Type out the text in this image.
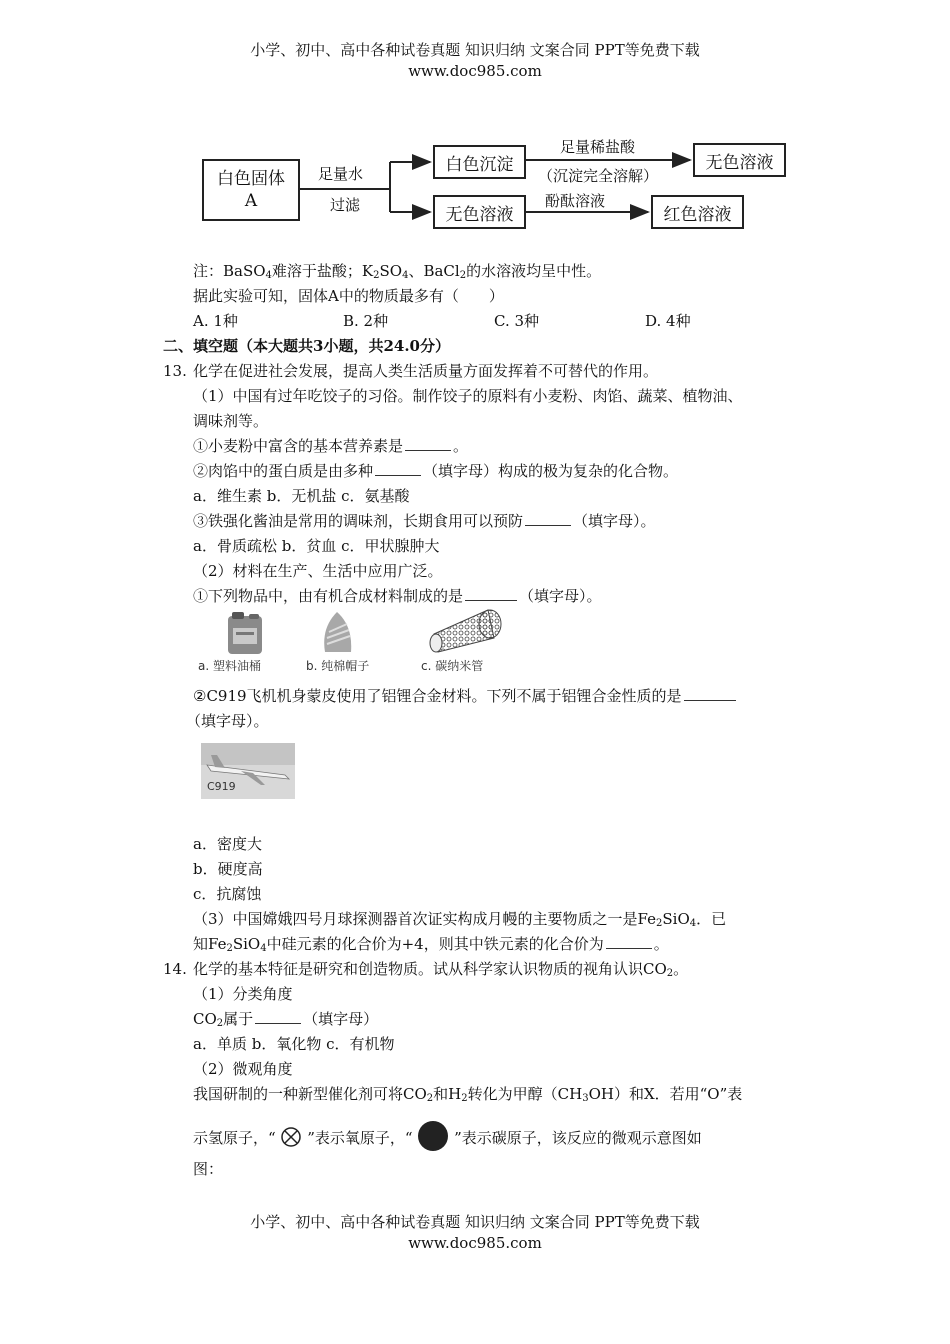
小学、初中、高中各种试卷真题 知识归纳 文案合同 PPT等免费下载
www.doc985.com
白色固体
A
足量水
过滤
白色沉淀
无色溶液
足量稀盐酸
（沉淀完全溶解）
酚酞溶液
无色溶液
红色溶液
注：BaSO$_4$难溶于盐酸；$K_2SO_4$、BaCl$_2$的水溶液均呈中性。
据此实验可知，固体A中的物质最多有（　　）
A. 1种	B. 2种	C. 3种	D. 4种
二、填空题（本大题共3小题，共24.0分）
13. 化学在促进社会发展，提高人类生活质量方面发挥着不可替代的作用。
（1）中国有过年吃饺子的习俗。制作饺子的原料有小麦粉、肉馅、蔬菜、植物油、
调味剂等。
①小麦粉中富含的基本营养素是	。
②肉馅中的蛋白质是由多种	（填字母）构成的极为复杂的化合物。
a．维生素 b．无机盐 c．氨基酸
③铁强化酱油是常用的调味剂，长期食用可以预防	（填字母）。
a．骨质疏松 b．贫血 c．甲状腺肿大
（2）材料在生产、生活中应用广泛。
①下列物品中，由有机合成材料制成的是	（填字母）。
a. 塑料油桶	b. 纯棉帽子	c. 碳纳米管
②C919飞机机身蒙皮使用了铝锂合金材料。下列不属于铝锂合金性质的是
（填字母）。
C919
a．密度大
b．硬度高
c．抗腐蚀
（3）中国嫦娥四号月球探测器首次证实构成月幔的主要物质之一是$Fe_2SiO_4$．已
知$Fe_2SiO_4$中硅元素的化合价为+4，则其中铁元素的化合价为	。
14. 化学的基本特征是研究和创造物质。试从科学家认识物质的视角认识$CO_2$。
（1）分类角度
$CO_2$属于	（填字母）
a．单质 b．氧化物 c．有机物
（2）微观角度
我国研制的一种新型催化剂可将$CO_2$和$H_2$转化为甲醇$(CH_3OH)$和X．若用“O”表
示氢原子，“ ”表示氧原子，“	”表示碳原子，该反应的微观示意图如
图：
小学、初中、高中各种试卷真题 知识归纳 文案合同 PPT等免费下载
www.doc985.com
